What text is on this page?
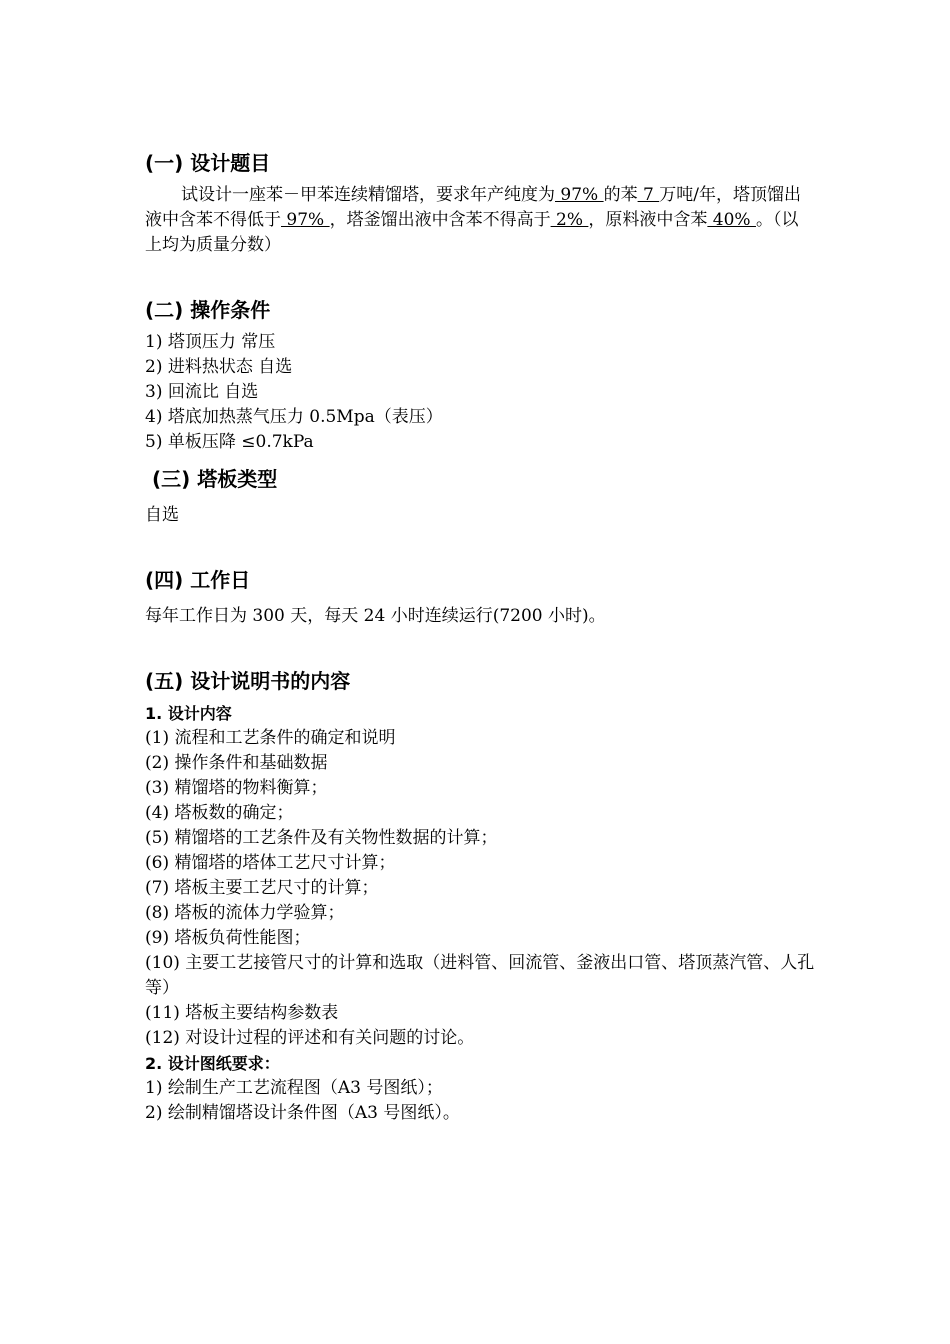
(一) 设计题目

试设计一座苯－甲苯连续精馏塔，要求年产纯度为 97% 的苯 7 万吨/年，塔顶馏出液中含苯不得低于 97% ，塔釜馏出液中含苯不得高于 2% ，原料液中含苯 40% 。（以上均为质量分数）

(二) 操作条件
1) 塔顶压力 常压
2) 进料热状态 自选
3) 回流比 自选
4) 塔底加热蒸气压力 0.5Mpa（表压）
5) 单板压降 ≤0.7kPa
(三) 塔板类型

自选

(四) 工作日

每年工作日为 300 天，每天 24 小时连续运行(7200 小时)。

(五) 设计说明书的内容

1. 设计内容

(1) 流程和工艺条件的确定和说明
(2) 操作条件和基础数据
(3) 精馏塔的物料衡算；
(4) 塔板数的确定；
(5) 精馏塔的工艺条件及有关物性数据的计算；
(6) 精馏塔的塔体工艺尺寸计算；
(7) 塔板主要工艺尺寸的计算；
(8) 塔板的流体力学验算；
(9) 塔板负荷性能图；
(10) 主要工艺接管尺寸的计算和选取（进料管、回流管、釜液出口管、塔顶蒸汽管、人孔等）
(11) 塔板主要结构参数表
(12) 对设计过程的评述和有关问题的讨论。

2. 设计图纸要求：

1) 绘制生产工艺流程图（A3 号图纸）；
2) 绘制精馏塔设计条件图（A3 号图纸）。
